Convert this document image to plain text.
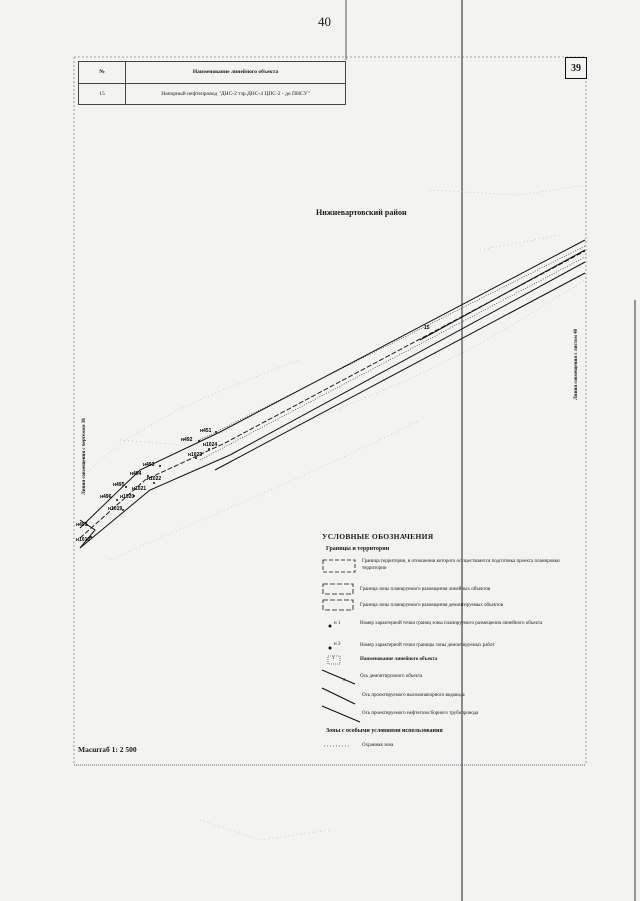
н451
н492
н1024
н1023
н493
н494
н1022
н495
н1021
н496 н1020
н1019
н497
н1018
15
40
39
№	Наименование линейного объекта
15	Напорный нефтепровод "ДНС-2 тзр.ДНС-4 ЦПС-2 - до ПНСУ"
Нижневартовский район
Линия совмещения с чертежом 38
Линия совмещения с листом 40
Масштаб 1: 2 500
УСЛОВНЫЕ ОБОЗНАЧЕНИЯ
Границы и территории
×
Граница территории, в отношении которого осуществляется подготовка проекта планировки территории
Граница зоны планируемого размещения линейных объектов
Граница зоны планируемого размещения демонтируемых объектов
н 1	Номер характерной точки границ зоны планируемого размещения линейного объекта
н 3	Номер характерной точки границы зоны демонтируемых работ
1	Наименование линейного объекта
Ось демонтируемого объекта
Ось проектируемого высоконапорного водовода
Ось проектируемого нефтегазосборного трубопровода
Зоны с особыми условиями использования
Охранная зона
